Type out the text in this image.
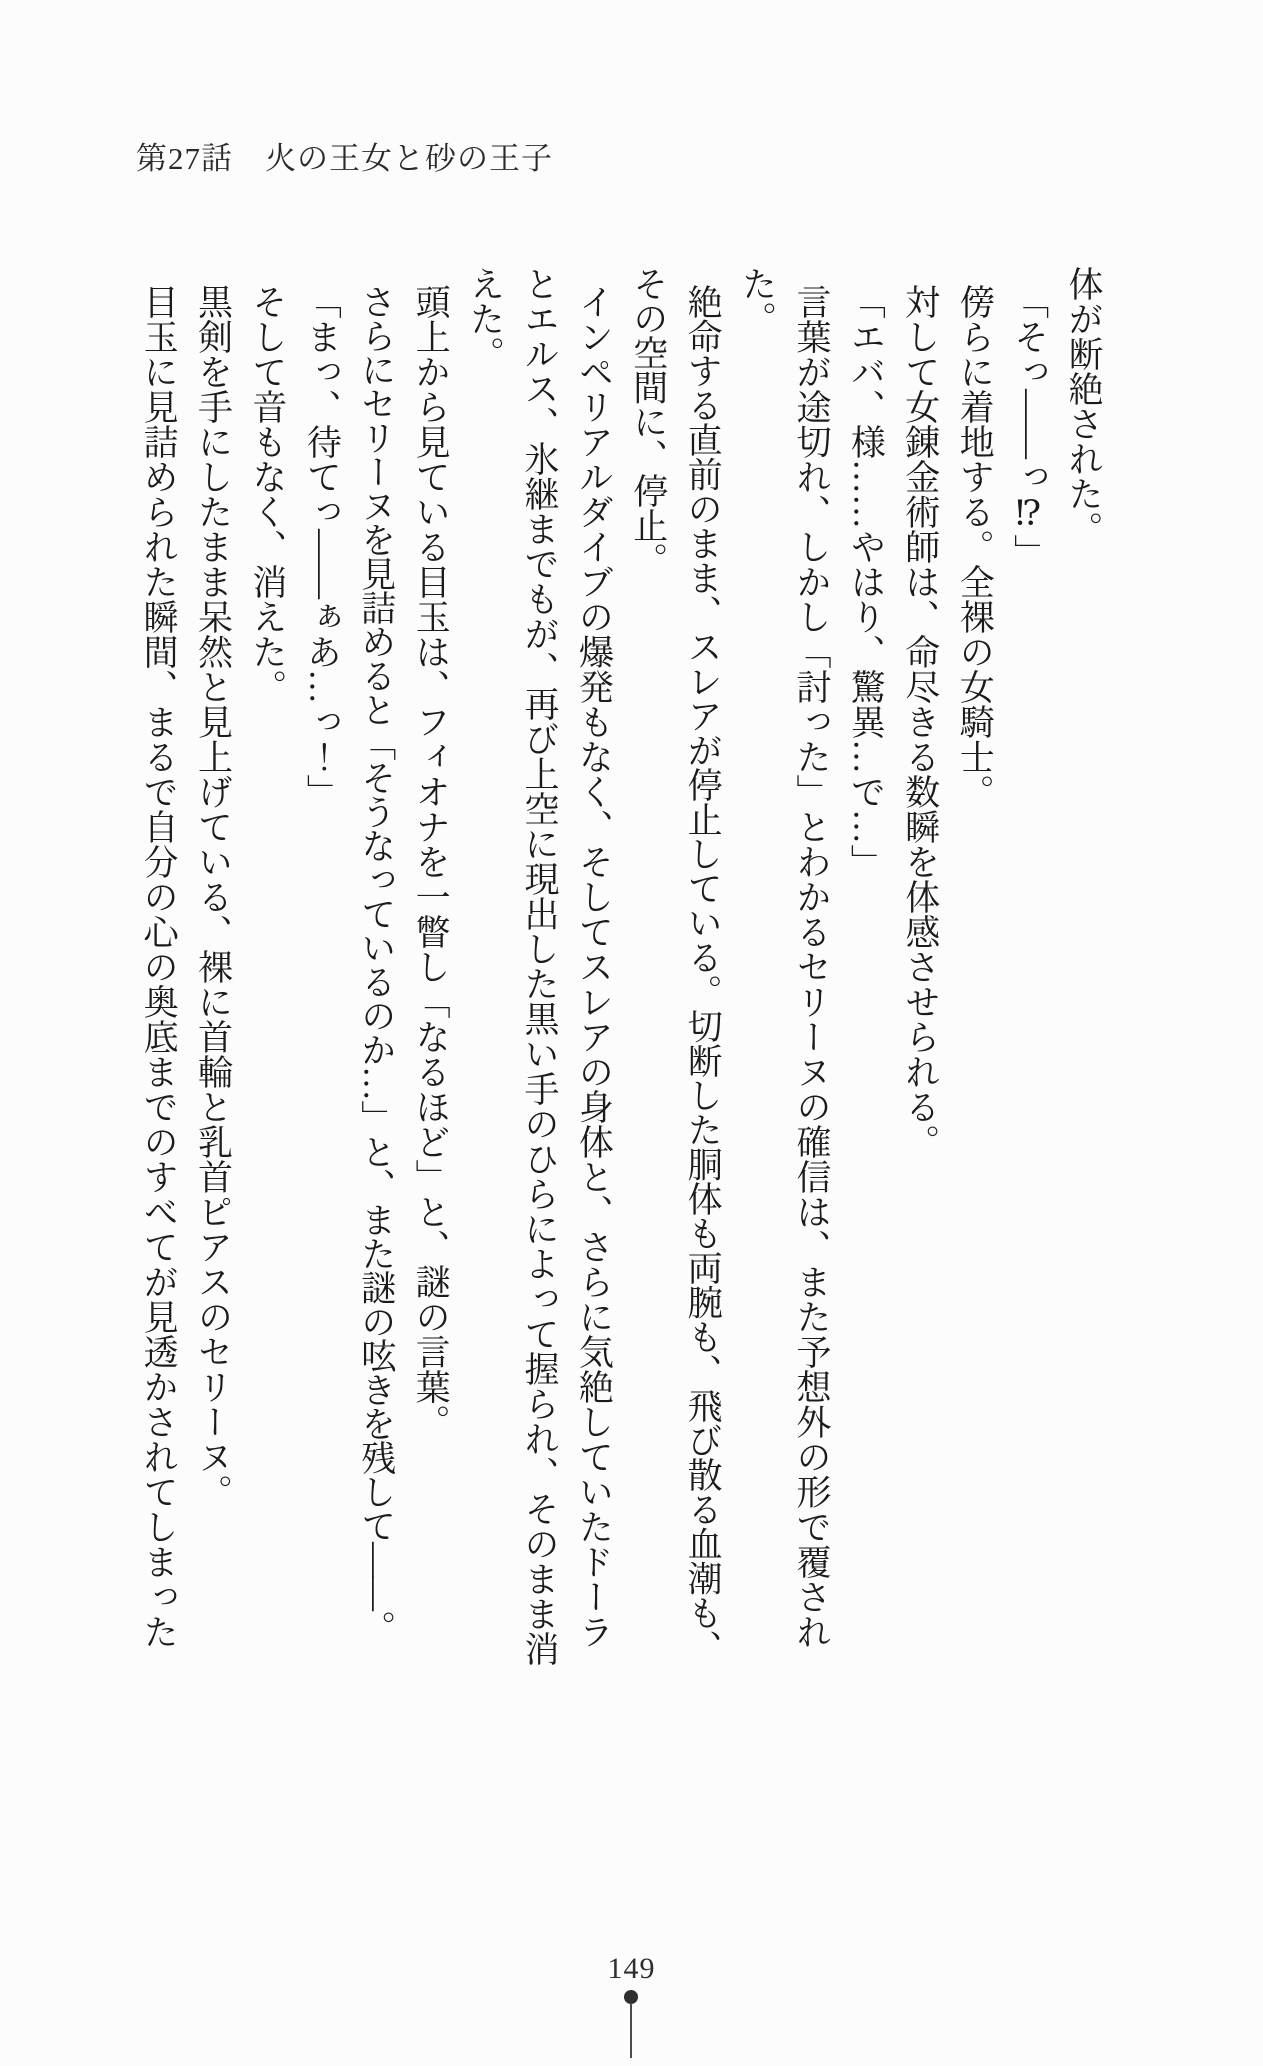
第27話　火の王女と砂の王子

体が断絶された。

「そっ――っ⁉」

傍らに着地する。全裸の女騎士。

対して女錬金術師は、命尽きる数瞬を体感させられる。

「エバ、様……やはり、驚異…で…」

言葉が途切れ、しかし「討った」とわかるセリーヌの確信は、また予想外の形で覆された。

絶命する直前のまま、スレアが停止している。切断した胴体も両腕も、飛び散る血潮も、その空間に、停止。

インペリアルダイブの爆発もなく、そしてスレアの身体と、さらに気絶していたドーラとエルス、氷継までもが、再び上空に現出した黒い手のひらによって握られ、そのまま消えた。

頭上から見ている目玉は、フィオナを一瞥し「なるほど」と、謎の言葉。

さらにセリーヌを見詰めると「そうなっているのか…」と、また謎の呟きを残して――。

「まっ、待てっ――ぁあ…っ！」

そして音もなく、消えた。

黒剣を手にしたまま呆然と見上げている、裸に首輪と乳首ピアスのセリーヌ。

目玉に見詰められた瞬間、まるで自分の心の奥底までのすべてが見透かされてしまった

149
